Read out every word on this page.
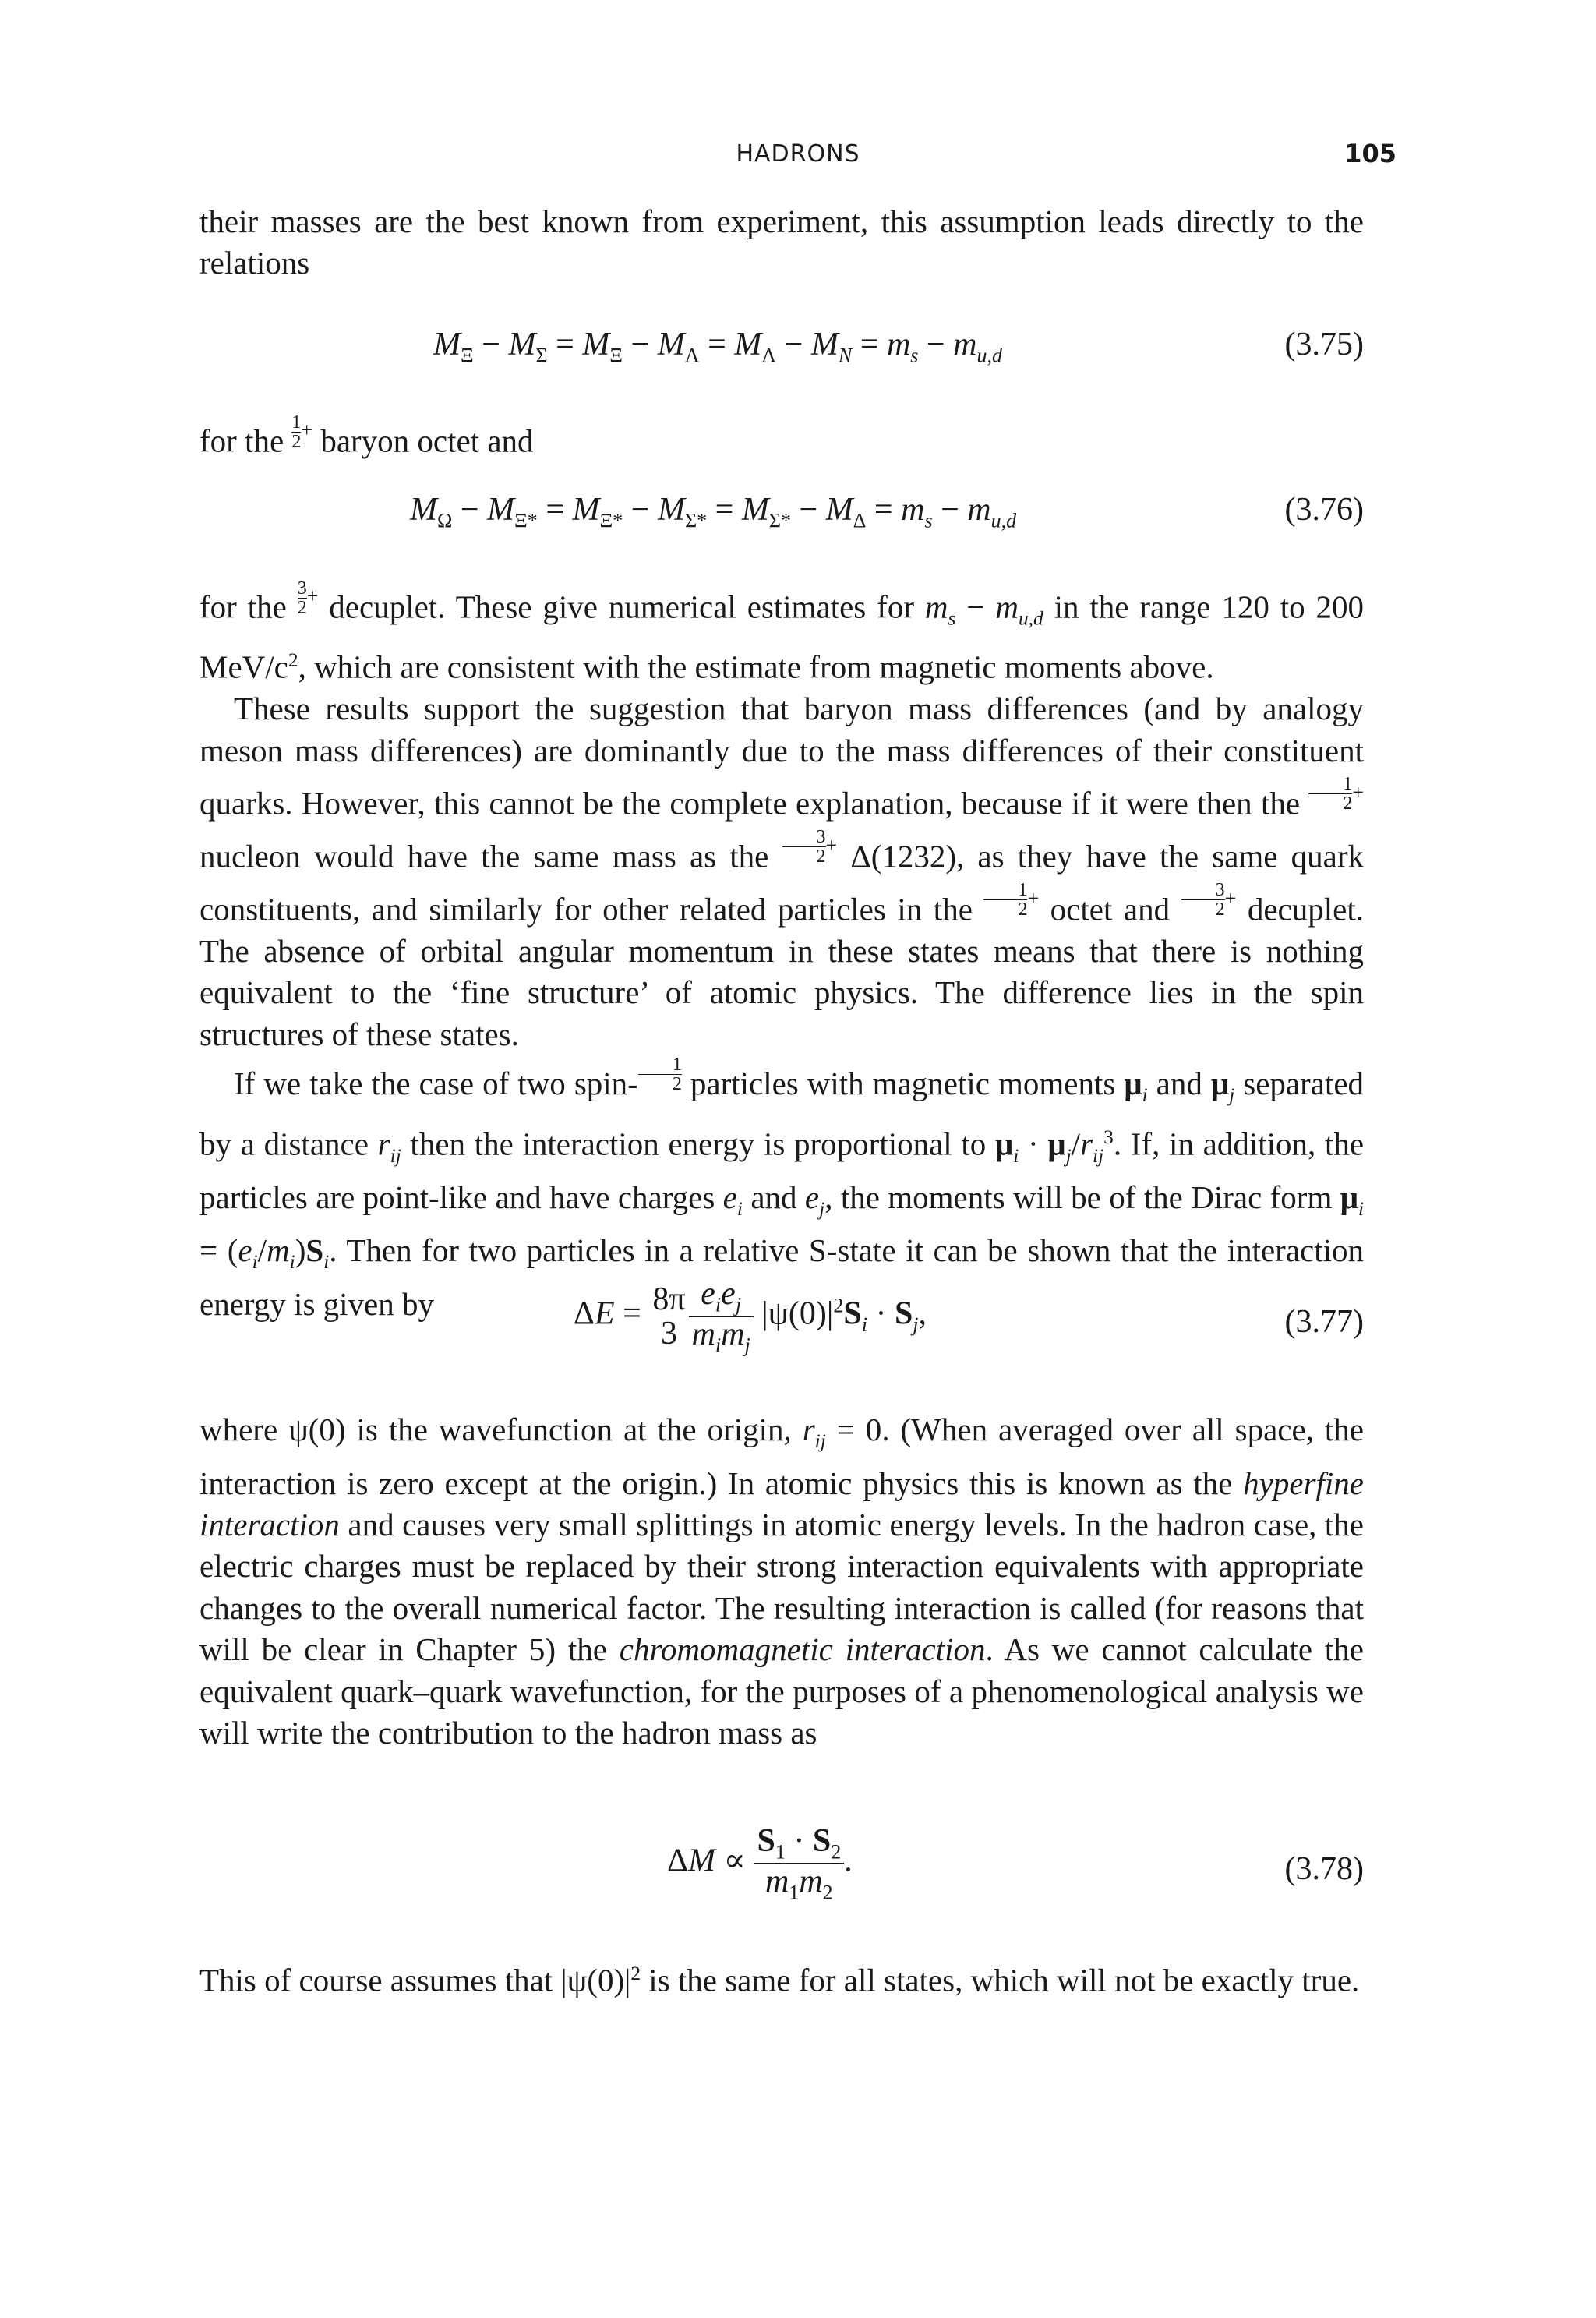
HADRONS	105

their masses are the best known from experiment, this assumption leads directly to the relations

$M_\Xi - M_\Sigma = M_\Xi - M_\Lambda = M_\Lambda - M_N = m_s - m_{u,d}$	(3.75)

for the $\frac{1}{2} ^+$ baryon octet and

$M_\Omega - M_{\Xi*} = M_{\Xi*} - M_{\Sigma*} = M_{\Sigma*} - M_\Delta = m_s - m_{u,d}$	(3.76)

for the $\frac{3}{2} ^+$ decuplet. These give numerical estimates for $m_s - m_{u,d}$ in the range 120 to 200 MeV/$c^2$, which are consistent with the estimate from magnetic moments above.

These results support the suggestion that baryon mass differences (and by analogy meson mass differences) are dominantly due to the mass differences of their constituent quarks. However, this cannot be the complete explanation, because if it were then the $\frac{1}{2} ^+$ nucleon would have the same mass as the $\frac{3}{2} ^+$ Δ(1232), as they have the same quark constituents, and similarly for other related particles in the $\frac{1}{2} ^+$ octet and $\frac{3}{2} ^+$ decuplet. The absence of orbital angular momentum in these states means that there is nothing equivalent to the ‘fine structure’ of atomic physics. The difference lies in the spin structures of these states.

If we take the case of two spin- $\frac{1}{2}$ particles with magnetic moments $\mu_i$ and $\mu_j$ separated by a distance $r_{ij}$ then the interaction energy is proportional to $\mu_i \cdot \mu_j/r_{ij}^3$. If, in addition, the particles are point-like and have charges $e_i$ and $e_j$, the moments will be of the Dirac form $\mu_i = (e_i/m_i)S_i$. Then for two particles in a relative S-state it can be shown that the interaction energy is given by	ΔE = 8π
$3 \frac{e_ie_j}{m_im_j} |\psi(0)|^2S_i \cdot S_j$,	(3.77)

where ψ(0) is the wavefunction at the origin, $r_{ij} = 0$. (When averaged over all space, the interaction is zero except at the origin.) In atomic physics this is known as the hyperfine interaction and causes very small splittings in atomic energy levels. In the hadron case, the electric charges must be replaced by their strong interaction equivalents with appropriate changes to the overall numerical factor. The resulting interaction is called (for reasons that will be clear in Chapter 5) the chromomagnetic interaction. As we cannot calculate the equivalent quark–quark wavefunction, for the purposes of a phenomenological analysis we will write the contribution to the hadron mass as

$\Delta M \propto \frac{S_1 \cdot S_2}{m_1m_2}$ .	(3.78)

This of course assumes that $|\psi(0)|^2$ is the same for all states, which will not be exactly true.
